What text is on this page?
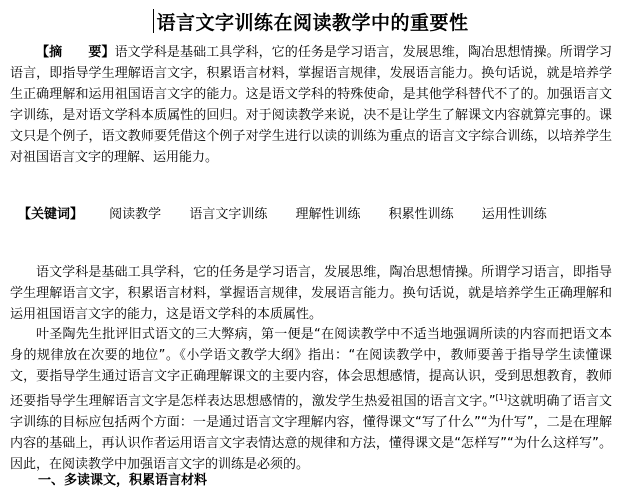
语言文字训练在阅读教学中的重要性

【摘　　要】语文学科是基础工具学科，它的任务是学习语言，发展思维，陶冶思想情操。所谓学习语言，即指导学生理解语言文字，积累语言材料，掌握语言规律，发展语言能力。换句话说，就是培养学生正确理解和运用祖国语言文字的能力。这是语文学科的特殊使命，是其他学科替代不了的。加强语言文字训练，是对语文学科本质属性的回归。对于阅读教学来说，决不是让学生了解课文内容就算完事的。课文只是个例子，语文教师要凭借这个例子对学生进行以读的训练为重点的语言文字综合训练，以培养学生对祖国语言文字的理解、运用能力。

【关键词】 阅读教学 语言文字训练 理解性训练 积累性训练 运用性训练

语文学科是基础工具学科，它的任务是学习语言，发展思维，陶冶思想情操。所谓学习语言，即指导学生理解语言文字，积累语言材料，掌握语言规律，发展语言能力。换句话说，就是培养学生正确理解和运用祖国语言文字的能力，这是语文学科的本质属性。

叶圣陶先生批评旧式语文的三大弊病，第一便是“在阅读教学中不适当地强调所读的内容而把语文本身的规律放在次要的地位”。《小学语文教学大纲》指出：“在阅读教学中，教师要善于指导学生读懂课文，要指导学生通过语言文字正确理解课文的主要内容，体会思想感情，提高认识，受到思想教育，教师还要指导学生理解语言文字是怎样表达思想感情的，激发学生热爱祖国的语言文字。”[1]这就明确了语言文字训练的目标应包括两个方面：一是通过语言文字理解内容，懂得课文“写了什么”“为什写”，二是在理解内容的基础上，再认识作者运用语言文字表情达意的规律和方法，懂得课文是“怎样写”“为什么这样写”。因此，在阅读教学中加强语言文字的训练是必须的。

一、多读课文，积累语言材料
